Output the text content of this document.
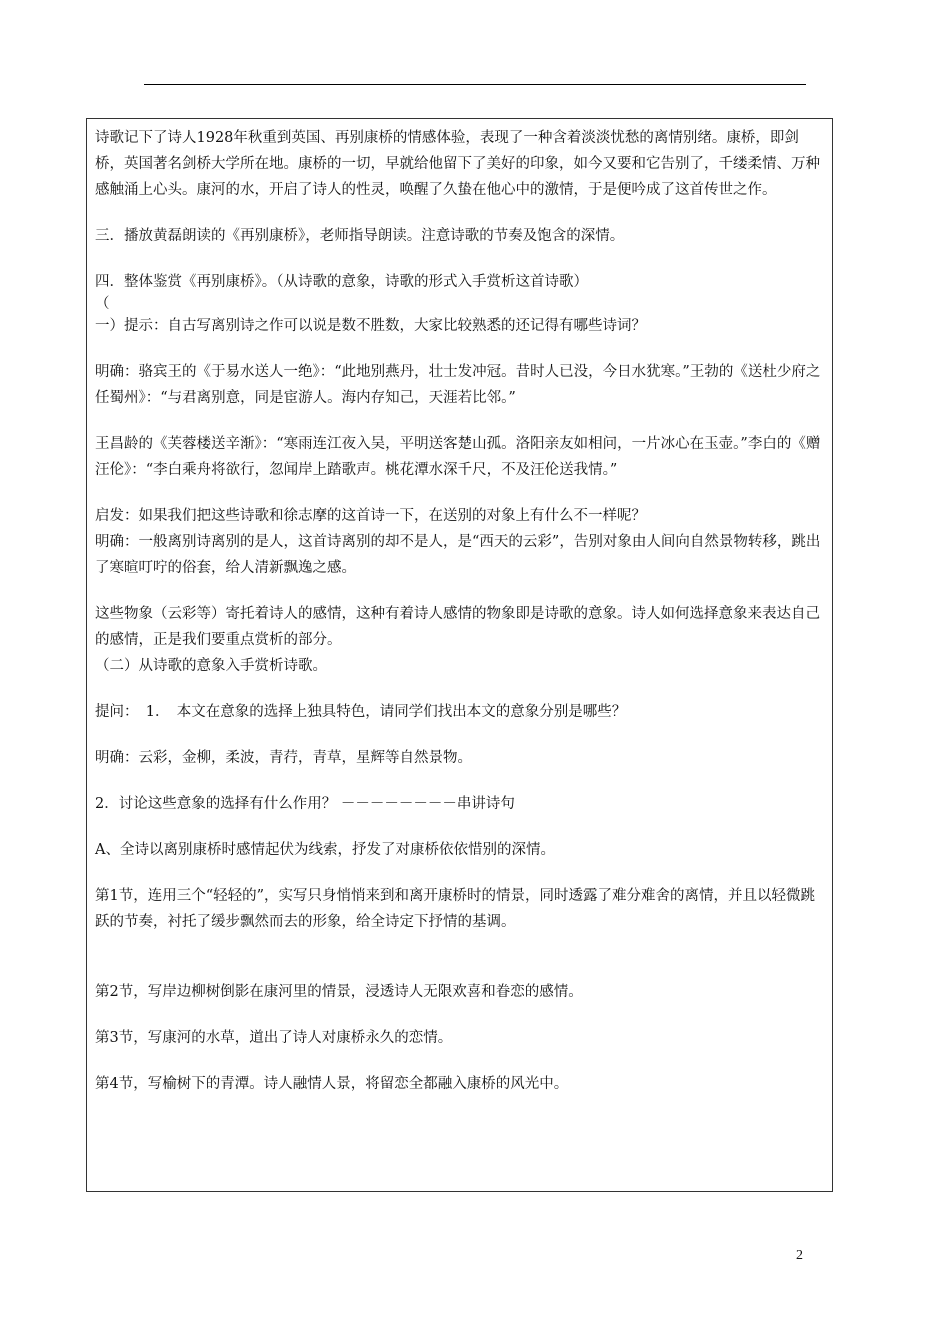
诗歌记下了诗人1928年秋重到英国、再别康桥的情感体验，表现了一种含着淡淡忧愁的离情别绪。康桥，即剑桥，英国著名剑桥大学所在地。康桥的一切，早就给他留下了美好的印象，如今又要和它告别了，千缕柔情、万种感触涌上心头。康河的水，开启了诗人的性灵，唤醒了久蛰在他心中的激情，于是便吟成了这首传世之作。

三．播放黄磊朗读的《再别康桥》，老师指导朗读。注意诗歌的节奏及饱含的深情。

四．整体鉴赏《再别康桥》。（从诗歌的意象，诗歌的形式入手赏析这首诗歌）

（

一）提示：自古写离别诗之作可以说是数不胜数，大家比较熟悉的还记得有哪些诗词？

明确：骆宾王的《于易水送人一绝》：“此地别燕丹，壮士发冲冠。昔时人已没，今日水犹寒。”王勃的《送杜少府之任蜀州》：“与君离别意，同是宦游人。海内存知己，天涯若比邻。”

王昌龄的《芙蓉楼送辛渐》：“寒雨连江夜入吴，平明送客楚山孤。洛阳亲友如相问，一片冰心在玉壶。”李白的《赠汪伦》：“李白乘舟将欲行，忽闻岸上踏歌声。桃花潭水深千尺，不及汪伦送我情。”

启发：如果我们把这些诗歌和徐志摩的这首诗一下，在送别的对象上有什么不一样呢？

明确：一般离别诗离别的是人，这首诗离别的却不是人，是“西天的云彩”，告别对象由人间向自然景物转移，跳出了寒暄叮咛的俗套，给人清新飘逸之感。

这些物象（云彩等）寄托着诗人的感情，这种有着诗人感情的物象即是诗歌的意象。诗人如何选择意象来表达自己的感情，正是我们要重点赏析的部分。

（二）从诗歌的意象入手赏析诗歌。

提问：　1．　本文在意象的选择上独具特色，请同学们找出本文的意象分别是哪些？

明确：云彩，金柳，柔波，青荇，青草，星辉等自然景物。

2．讨论这些意象的选择有什么作用？ －－－－－－－－串讲诗句

A、全诗以离别康桥时感情起伏为线索，抒发了对康桥依依惜别的深情。

第1节，连用三个“轻轻的”，实写只身悄悄来到和离开康桥时的情景，同时透露了难分难舍的离情，并且以轻微跳跃的节奏，衬托了缓步飘然而去的形象，给全诗定下抒情的基调。

第2节，写岸边柳树倒影在康河里的情景，浸透诗人无限欢喜和眷恋的感情。

第3节，写康河的水草，道出了诗人对康桥永久的恋情。

第4节，写榆树下的青潭。诗人融情人景，将留恋全都融入康桥的风光中。

2
